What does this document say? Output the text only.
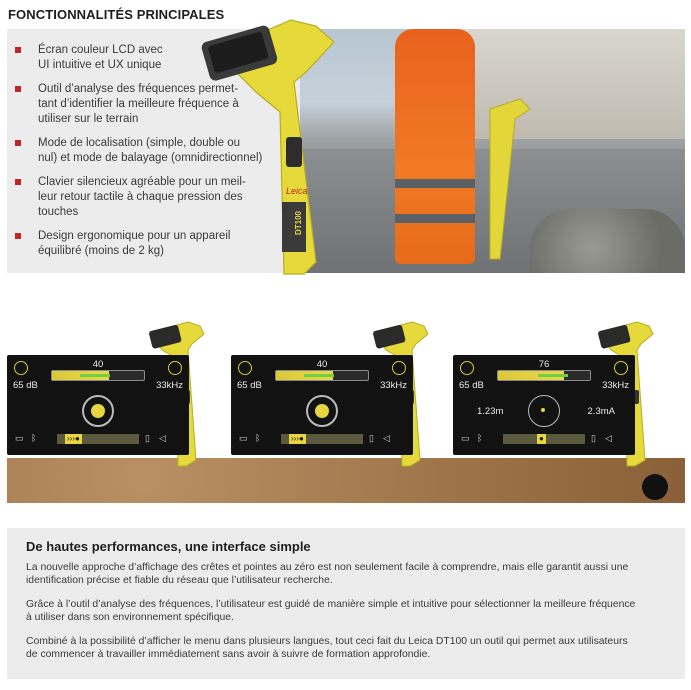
FONCTIONNALITÉS PRINCIPALES
Écran couleur LCD avec
UI intuitive et UX unique
Outil d’analyse des fréquences permet-
tant d’identifier la meilleure fréquence à
utiliser sur le terrain
Mode de localisation (simple, double ou
nul) et mode de balayage (omnidirectionnel)
Clavier silencieux agréable pour un meil-
leur retour tactile à chaque pression des
touches
Design ergonomique pour un appareil
équilibré (moins de 2 kg)
Leica
DT100
40
65 dB	33kHz
▭ ᛒ	›››●	▯ ◁
40
65 dB	33kHz
▭ ᛒ	›››●	▯ ◁
76
65 dB	33kHz
1.23m	2.3mA
▭ ᛒ	●	▯ ◁
De hautes performances, une interface simple
La nouvelle approche d’affichage des crêtes et pointes au zéro est non seulement facile à comprendre, mais elle garantit aussi une
identification précise et fiable du réseau que l’utilisateur recherche.
Grâce à l’outil d’analyse des fréquences, l’utilisateur est guidé de manière simple et intuitive pour sélectionner la meilleure fréquence
à utiliser dans son environnement spécifique.
Combiné à la possibilité d’afficher le menu dans plusieurs langues, tout ceci fait du Leica DT100 un outil qui permet aux utilisateurs
de commencer à travailler immédiatement sans avoir à suivre de formation approfondie.
